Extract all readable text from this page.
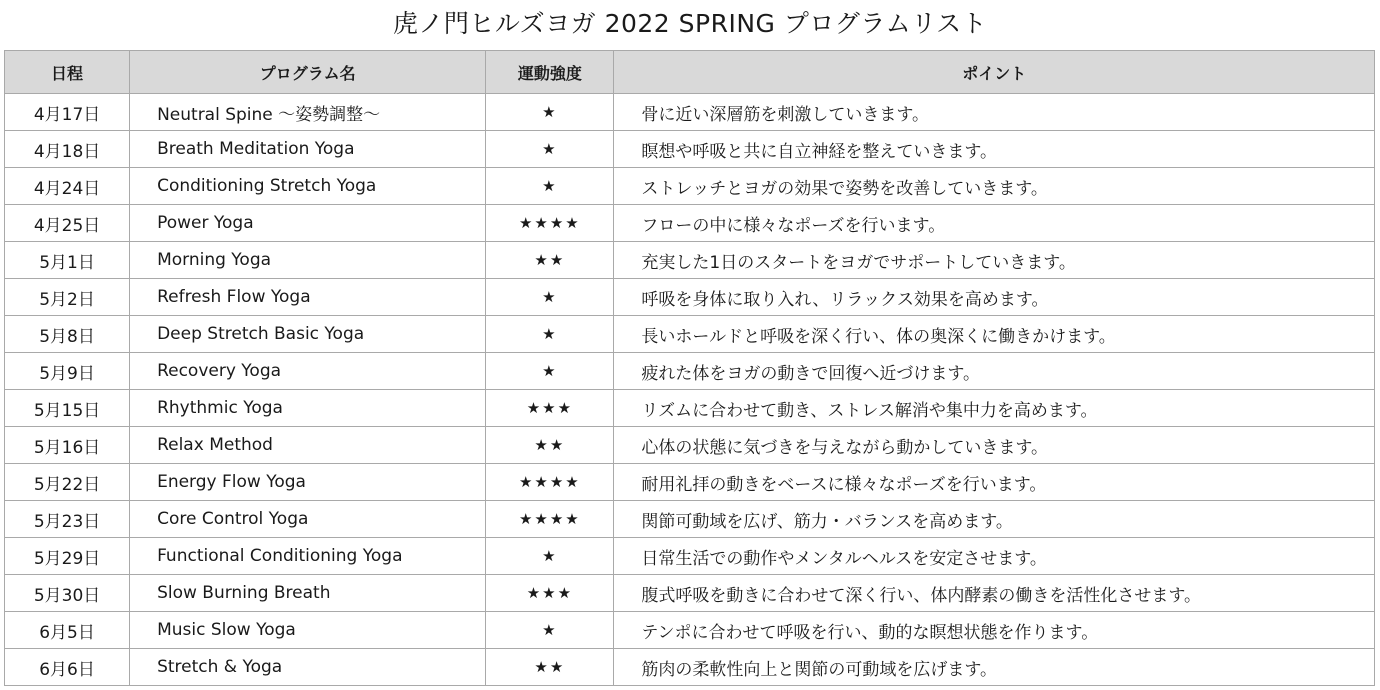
虎ノ門ヒルズヨガ 2022 SPRING プログラムリスト
日程	プログラム名	運動強度	ポイント
4月17日	Neutral Spine 〜姿勢調整〜	★	骨に近い深層筋を刺激していきます。
4月18日	Breath Meditation Yoga	★	瞑想や呼吸と共に自立神経を整えていきます。
4月24日	Conditioning Stretch Yoga	★	ストレッチとヨガの効果で姿勢を改善していきます。
4月25日	Power Yoga	★★★★	フローの中に様々なポーズを行います。
5月1日	Morning Yoga	★★	充実した1日のスタートをヨガでサポートしていきます。
5月2日	Refresh Flow Yoga	★	呼吸を身体に取り入れ、リラックス効果を高めます。
5月8日	Deep Stretch Basic Yoga	★	長いホールドと呼吸を深く行い、体の奥深くに働きかけます。
5月9日	Recovery Yoga	★	疲れた体をヨガの動きで回復へ近づけます。
5月15日	Rhythmic Yoga	★★★	リズムに合わせて動き、ストレス解消や集中力を高めます。
5月16日	Relax Method	★★	心体の状態に気づきを与えながら動かしていきます。
5月22日	Energy Flow Yoga	★★★★	耐用礼拝の動きをベースに様々なポーズを行います。
5月23日	Core Control Yoga	★★★★	関節可動域を広げ、筋力・バランスを高めます。
5月29日	Functional Conditioning Yoga	★	日常生活での動作やメンタルヘルスを安定させます。
5月30日	Slow Burning Breath	★★★	腹式呼吸を動きに合わせて深く行い、体内酵素の働きを活性化させます。
6月5日	Music Slow Yoga	★	テンポに合わせて呼吸を行い、動的な瞑想状態を作ります。
6月6日	Stretch & Yoga	★★	筋肉の柔軟性向上と関節の可動域を広げます。
